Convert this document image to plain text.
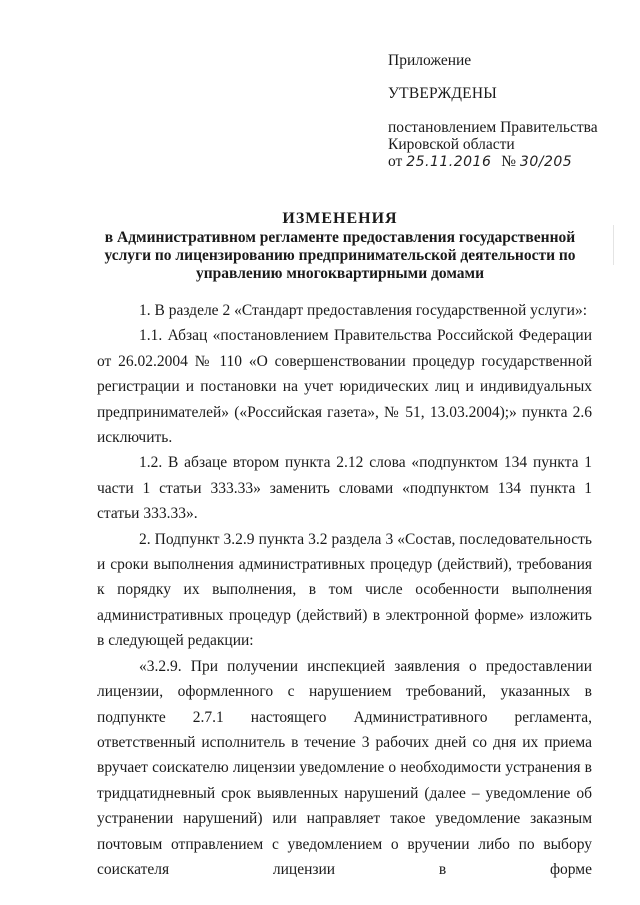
Приложение
УТВЕРЖДЕНЫ
постановлением Правительства
Кировской области
от 25.11.2016 № 30/205
ИЗМЕНЕНИЯ
в Административном регламенте предоставления государственной
услуги по лицензированию предпринимательской деятельности по
управлению многоквартирными домами

1. В разделе 2 «Стандарт предоставления государственной услуги»:

1.1. Абзац «постановлением Правительства Российской Федерации от 26.02.2004 № 110 «О совершенствовании процедур государственной регистрации и постановки на учет юридических лиц и индивидуальных предпринимателей» («Российская газета», № 51, 13.03.2004);» пункта 2.6 исключить.

1.2. В абзаце втором пункта 2.12 слова «подпунктом 134 пункта 1 части 1 статьи 333.33» заменить словами «подпунктом 134 пункта 1 статьи 333.33».

2. Подпункт 3.2.9 пункта 3.2 раздела 3 «Состав, последовательность и сроки выполнения административных процедур (действий), требования к порядку их выполнения, в том числе особенности выполнения административных процедур (действий) в электронной форме» изложить в следующей редакции:

«3.2.9. При получении инспекцией заявления о предоставлении лицензии, оформленного с нарушением требований, указанных в подпункте 2.7.1 настоящего Административного регламента, ответственный исполнитель в течение 3 рабочих дней со дня их приема вручает соискателю лицензии уведомление о необходимости устранения в тридцатидневный срок выявленных нарушений (далее – уведомление об устранении нарушений) или направляет такое уведомление заказным почтовым отправлением с уведомлением о вручении либо по выбору соискателя лицензии в форме
